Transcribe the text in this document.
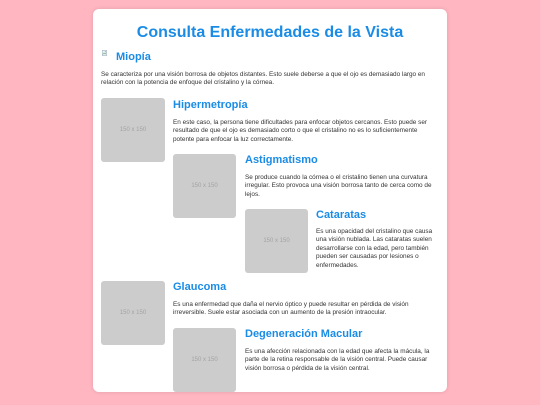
Consulta Enfermedades de la Vista
Miopía

Se caracteriza por una visión borrosa de objetos distantes. Esto suele deberse a que el ojo es demasiado largo en relación con la potencia de enfoque del cristalino y la córnea.

150 x 150
Hipermetropía

En este caso, la persona tiene dificultades para enfocar objetos cercanos. Esto puede ser resultado de que el ojo es demasiado corto o que el cristalino no es lo suficientemente potente para enfocar la luz correctamente.

150 x 150
Astigmatismo

Se produce cuando la córnea o el cristalino tienen una curvatura irregular. Esto provoca una visión borrosa tanto de cerca como de lejos.

150 x 150
Cataratas

Es una opacidad del cristalino que causa una visión nublada. Las cataratas suelen desarrollarse con la edad, pero también pueden ser causadas por lesiones o enfermedades.

150 x 150
Glaucoma

Es una enfermedad que daña el nervio óptico y puede resultar en pérdida de visión irreversible. Suele estar asociada con un aumento de la presión intraocular.

150 x 150
Degeneración Macular

Es una afección relacionada con la edad que afecta la mácula, la parte de la retina responsable de la visión central. Puede causar visión borrosa o pérdida de la visión central.
